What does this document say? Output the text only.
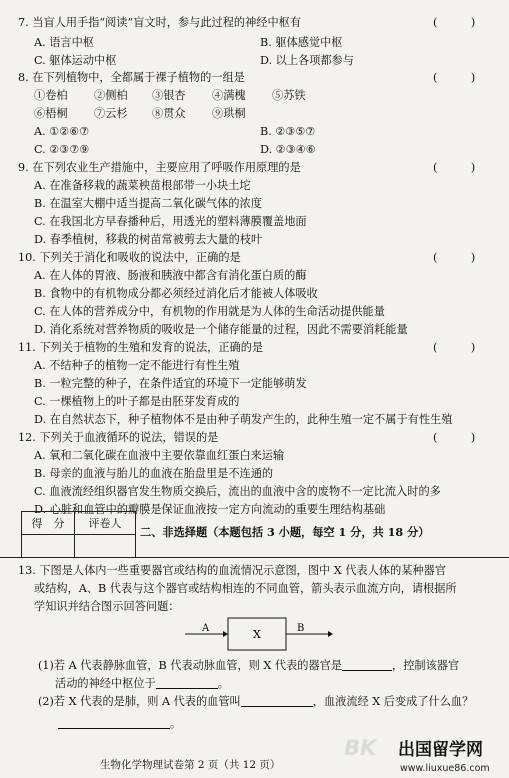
7. 当盲人用手指“阅读”盲文时，参与此过程的神经中枢有	(　　　)
A. 语言中枢	B. 躯体感觉中枢
C. 躯体运动中枢	D. 以上各项都参与
8. 在下列植物中，全都属于裸子植物的一组是	(　　　)
①卷柏 ②侧柏 ③银杏 ④满槐 ⑤苏铁
⑥梧桐 ⑦云杉 ⑧贯众 ⑨珙桐
A. ①②⑥⑦	B. ②③⑤⑦
C. ②③⑦⑨	D. ②③④⑥
9. 在下列农业生产措施中，主要应用了呼吸作用原理的是	(　　　)
A. 在准备移栽的蔬菜秧苗根部带一小块土坨
B. 在温室大棚中适当提高二氧化碳气体的浓度
C. 在我国北方早春播种后，用透光的塑料薄膜覆盖地面
D. 春季植树，移栽的树苗常被剪去大量的枝叶
10. 下列关于消化和吸收的说法中，正确的是	(　　　)
A. 在人体的胃液、肠液和胰液中都含有消化蛋白质的酶
B. 食物中的有机物成分都必须经过消化后才能被人体吸收
C. 在人体的营养成分中，有机物的作用就是为人体的生命活动提供能量
D. 消化系统对营养物质的吸收是一个储存能量的过程，因此不需要消耗能量
11. 下列关于植物的生殖和发育的说法，正确的是	(　　　)
A. 不结种子的植物一定不能进行有性生殖
B. 一粒完整的种子，在条件适宜的环境下一定能够萌发
C. 一棵植物上的叶子都是由胚芽发育成的
D. 在自然状态下，种子植物体不是由种子萌发产生的，此种生殖一定不属于有性生殖
12. 下列关于血液循环的说法，错误的是	(　　　)
A. 氧和二氧化碳在血液中主要依靠血红蛋白来运输
B. 母亲的血液与胎儿的血液在胎盘里是不连通的
C. 血液流经组织器官发生物质交换后，流出的血液中含的废物不一定比流入时的多
D. 心脏和血管中的瓣膜是保证血液按一定方向流动的重要生理结构基础
得　分	评卷人

二、非选择题（本题包括 3 小题，每空 1 分，共 18 分）
13. 下图是人体内一些重要器官或结构的血流情况示意图，图中 X 代表人体的某种器官
或结构，A、B 代表与这个器官或结构相连的不同血管，箭头表示血流方向，请根据所
学知识并结合图示回答问题：
A	X	B
(1)若 A 代表静脉血管，B 代表动脉血管，则 X 代表的器官是	，控制该器官
活动的神经中枢位于	。
(2)若 X 代表的是肺，则 A 代表的血管叫	，血液流经 X 后变成了什么血？
。
生物化学物理试卷第 2 页（共 12 页）
BK 出国留学网
www.liuxue86.com
